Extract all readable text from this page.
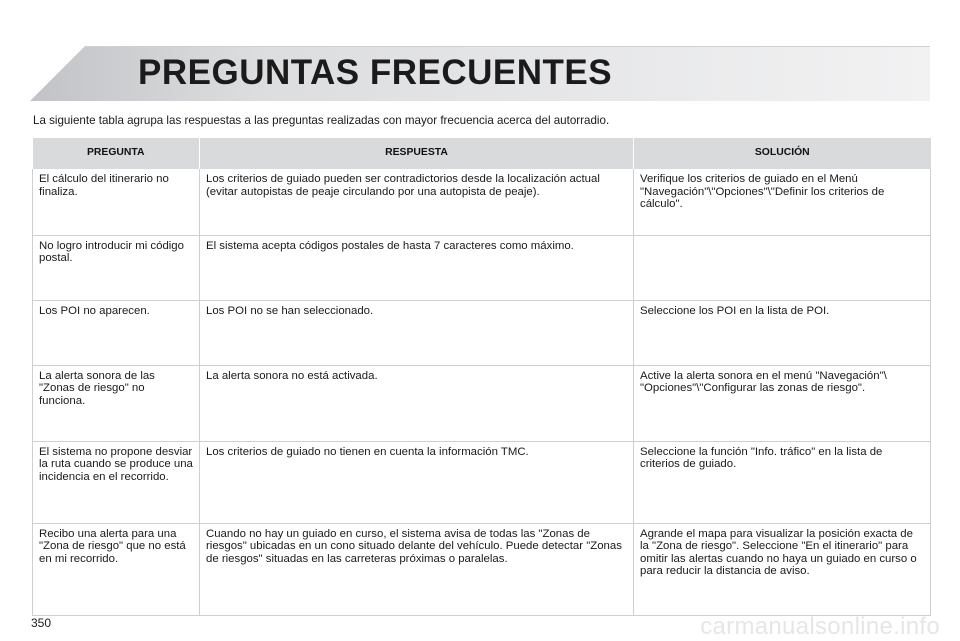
PREGUNTAS FRECUENTES

La siguiente tabla agrupa las respuestas a las preguntas realizadas con mayor frecuencia acerca del autorradio.

PREGUNTA	RESPUESTA	SOLUCIÓN
El cálculo del itinerario no finaliza.	Los criterios de guiado pueden ser contradictorios desde la localización actual (evitar autopistas de peaje circulando por una autopista de peaje).	Verifique los criterios de guiado en el Menú "Navegación"\"Opciones"\"Definir los criterios de cálculo".
No logro introducir mi código postal.	El sistema acepta códigos postales de hasta 7 caracteres como máximo.	
Los POI no aparecen.	Los POI no se han seleccionado.	Seleccione los POI en la lista de POI.
La alerta sonora de las "Zonas de riesgo" no funciona.	La alerta sonora no está activada.	Active la alerta sonora en el menú "Navegación"\ "Opciones"\"Configurar las zonas de riesgo".
El sistema no propone desviar la ruta cuando se produce una incidencia en el recorrido.	Los criterios de guiado no tienen en cuenta la información TMC.	Seleccione la función "Info. tráfico" en la lista de criterios de guiado.
Recibo una alerta para una "Zona de riesgo" que no está en mi recorrido.	Cuando no hay un guiado en curso, el sistema avisa de todas las "Zonas de riesgos" ubicadas en un cono situado delante del vehículo. Puede detectar "Zonas de riesgos" situadas en las carreteras próximas o paralelas.	Agrande el mapa para visualizar la posición exacta de la "Zona de riesgo". Seleccione "En el itinerario" para omitir las alertas cuando no haya un guiado en curso o para reducir la distancia de aviso.
350	carmanualsonline.info
